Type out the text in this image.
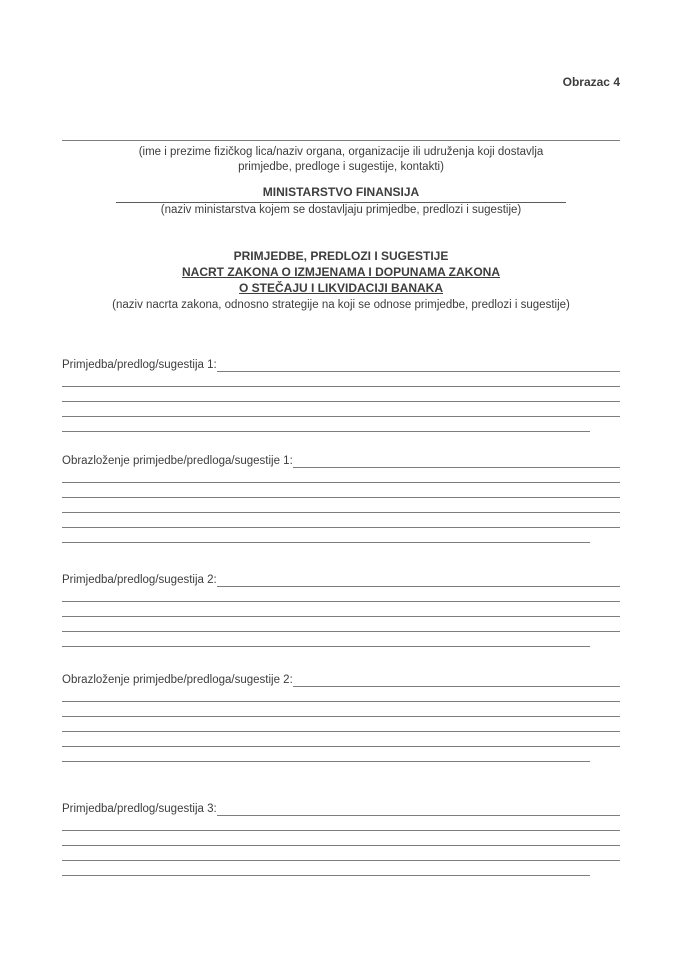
Obrazac 4
(ime i prezime fizičkog lica/naziv organa, organizacije ili udruženja koji dostavlja
primjedbe, predloge i sugestije, kontakti)
MINISTARSTVO FINANSIJA
(naziv ministarstva kojem se dostavljaju primjedbe, predlozi i sugestije)
PRIMJEDBE, PREDLOZI I SUGESTIJE
NACRT ZAKONA O IZMJENAMA I DOPUNAMA ZAKONA
O STEČAJU I LIKVIDACIJI BANAKA
(naziv nacrta zakona, odnosno strategije na koji se odnose primjedbe, predlozi i sugestije)
Primjedba/predlog/sugestija 1:
Obrazloženje primjedbe/predloga/sugestije 1:
Primjedba/predlog/sugestija 2:
Obrazloženje primjedbe/predloga/sugestije 2:
Primjedba/predlog/sugestija 3:
